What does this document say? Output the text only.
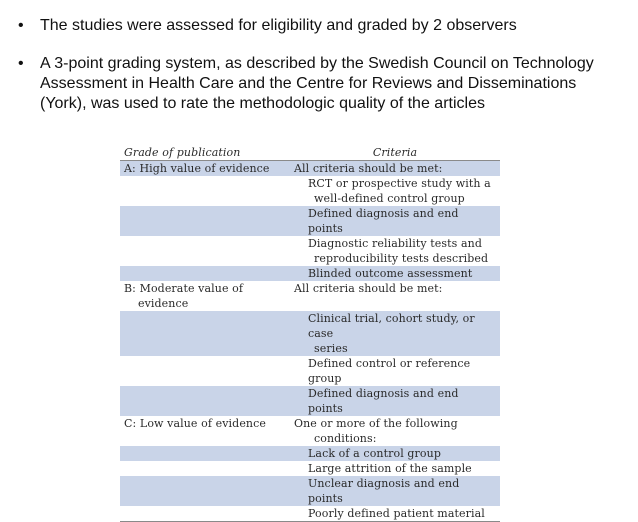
•	The studies were assessed for eligibility and graded by 2 observers
•	A 3-point grading system, as described by the Swedish Council on Technology
Assessment in Health Care and the Centre for Reviews and Disseminations
(York), was used to rate the methodologic quality of the articles
Grade of publication	Criteria
A: High value of evidence	All criteria should be met:
	RCT or prospective study with a
	well-defined control group
	Defined diagnosis and end points
	Diagnostic reliability tests and
	reproducibility tests described
	Blinded outcome assessment
B: Moderate value of	All criteria should be met:
evidence	
	Clinical trial, cohort study, or case
	series
	Defined control or reference group
	Defined diagnosis and end points
C: Low value of evidence	One or more of the following
	conditions:
	Lack of a control group
	Large attrition of the sample
	Unclear diagnosis and end points
	Poorly defined patient material
